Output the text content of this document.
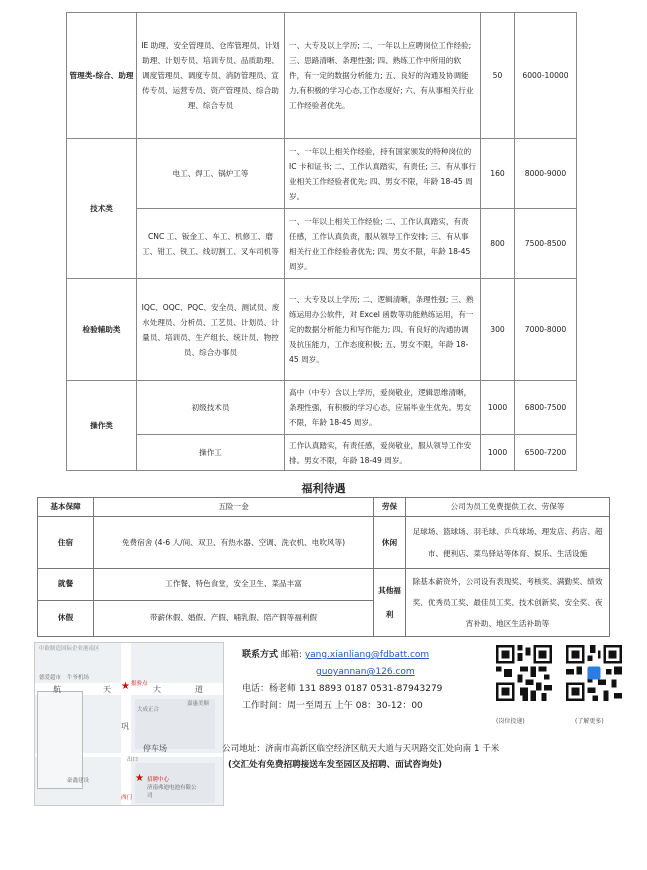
管理类-综合、助理	IE 助理、安全管理员、仓库管理员、计划助理、计划专员、培训专员、品质助理、调度管理员、调度专员、消防管理员、宣传专员、运营专员、资产管理员、综合助理、综合专员	一、大专及以上学历; 二、一年以上应聘岗位工作经验; 三、思路清晰、条理性强; 四、熟练工作中所用的软件，有一定的数据分析能力; 五、良好的沟通及协调能力,有积极的学习心态,工作态度好; 六、有从事相关行业工作经验者优先。	50	6000-10000
技术类	电工、焊工、锅炉工等	一、一年以上相关作经验，持有国家颁发的特种岗位的 IC 卡和证书; 二、工作认真踏实，有责任; 三、有从事行业相关工作经验者优先; 四、男女不限，年龄 18-45 周岁。	160	8000-9000
	CNC 工、钣金工、车工、机修工、磨工、钳工、铣工、线切割工、叉车司机等	一、一年以上相关工作经验; 二、工作认真踏实，有责任感，工作认真负责，服从领导工作安排; 三、有从事相关行业工作经验者优先; 四、男女不限，年龄 18-45 周岁。	800	7500-8500
检验辅助类	IQC、OQC、PQC、安全员、测试员、废水处理员、分析员、工艺员、计划员、计量员、培训员、生产组长、统计员、物控员、综合办事员	一、大专及以上学历; 二、逻辑清晰，条理性强; 三、熟练运用办公软件，对 Excel 函数等功能熟练运用，有一定的数据分析能力和写作能力; 四、有良好的沟通协调及抗压能力，工作态度积极; 五、男女不限，年龄 18-45 周岁。	300	7000-8000
操作类	初级技术员	高中（中专）含以上学历，爱岗敬业，逻辑思维清晰，条理性强，有积极的学习心态，应届毕业生优先。男女不限，年龄 18-45 周岁。	1000	6800-7500
	操作工	工作认真踏实，有责任感，爱岗敬业，服从领导工作安排。男女不限，年龄 18-49 周岁。	1000	6500-7200
福利待遇
基本保障	五险一金	劳保	公司为员工免费提供工衣、劳保等
住宿	免费宿舍 (4-6 人/间、双卫、有热水器、空调、洗衣机、电吹风等)	休闲	足球场、篮球场、羽毛球、乒乓球场、理发店、药店、超市、便利店、菜鸟驿站等体育、娱乐、生活设施
就餐	工作餐、特色食堂，安全卫生、菜品丰富	其他福利	除基本薪资外，公司设有表现奖、考核奖、满勤奖、绩效奖、优秀员工奖、最佳员工奖、技术创新奖、安全奖、夜宵补助、地区生活补助等
休假	带薪休假、婚假、产假、哺乳假、陪产假等福利假		
中欧制造国际企业港南区
德爱超市 牛爷机场
航	天	大	道
★ 报验点
大成正合
嘉惠美顺
巩
停车场
出口
豪鑫建设	★ 招聘中心
济南弗迪电池有限公司
西门
联系方式 邮箱: yang.xianliang@fdbatt.com
guoyannan@126.com
电话：杨老师 131 8893 0187 0531-87943279
工作时间：周一至周五 上午 08：30-12：00
(岗位投递)	(了解更多)
公司地址：济南市高新区临空经济区航天大道与天巩路交汇处向南 1 千米
(交汇处有免费招聘接送车发至园区及招聘、面试咨询处)
